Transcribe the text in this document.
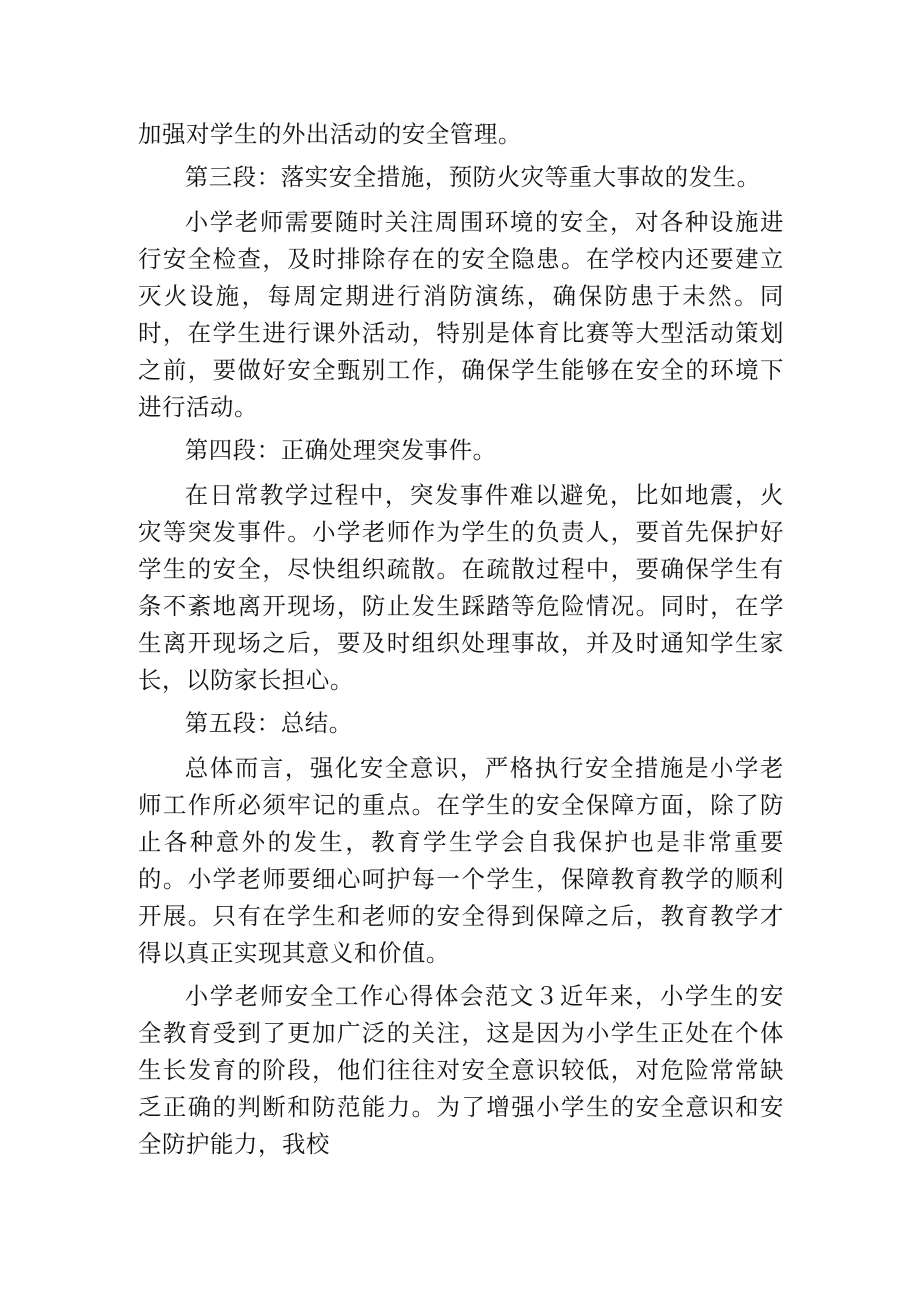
加强对学生的外出活动的安全管理。

第三段：落实安全措施，预防火灾等重大事故的发生。

小学老师需要随时关注周围环境的安全，对各种设施进行安全检查，及时排除存在的安全隐患。在学校内还要建立灭火设施，每周定期进行消防演练，确保防患于未然。同时，在学生进行课外活动，特别是体育比赛等大型活动策划之前，要做好安全甄别工作，确保学生能够在安全的环境下进行活动。

第四段：正确处理突发事件。

在日常教学过程中，突发事件难以避免，比如地震，火灾等突发事件。小学老师作为学生的负责人，要首先保护好学生的安全，尽快组织疏散。在疏散过程中，要确保学生有条不紊地离开现场，防止发生踩踏等危险情况。同时，在学生离开现场之后，要及时组织处理事故，并及时通知学生家长，以防家长担心。

第五段：总结。

总体而言，强化安全意识，严格执行安全措施是小学老师工作所必须牢记的重点。在学生的安全保障方面，除了防止各种意外的发生，教育学生学会自我保护也是非常重要的。小学老师要细心呵护每一个学生，保障教育教学的顺利开展。只有在学生和老师的安全得到保障之后，教育教学才得以真正实现其意义和价值。

小学老师安全工作心得体会范文３近年来，小学生的安全教育受到了更加广泛的关注，这是因为小学生正处在个体生长发育的阶段，他们往往对安全意识较低，对危险常常缺乏正确的判断和防范能力。为了增强小学生的安全意识和安全防护能力，我校
